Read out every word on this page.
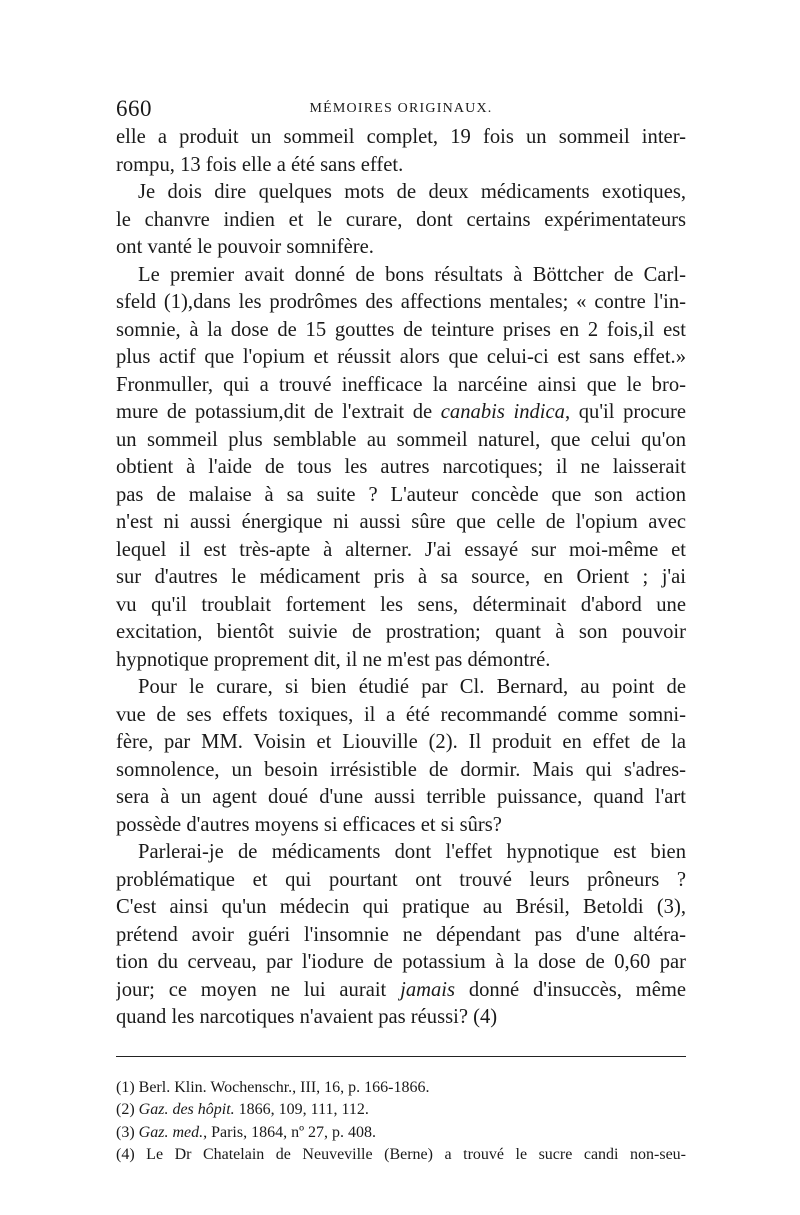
660	MÉMOIRES ORIGINAUX.
elle a produit un sommeil complet, 19 fois un sommeil inter-
rompu, 13 fois elle a été sans effet.
Je dois dire quelques mots de deux médicaments exotiques,
le chanvre indien et le curare, dont certains expérimentateurs
ont vanté le pouvoir somnifère.
Le premier avait donné de bons résultats à Böttcher de Carl-
sfeld (1),dans les prodrômes des affections mentales; « contre l'in-
somnie, à la dose de 15 gouttes de teinture prises en 2 fois,il est
plus actif que l'opium et réussit alors que celui-ci est sans effet.»
Fronmuller, qui a trouvé inefficace la narcéine ainsi que le bro-
mure de potassium,dit de l'extrait de canabis indica, qu'il procure
un sommeil plus semblable au sommeil naturel, que celui qu'on
obtient à l'aide de tous les autres narcotiques; il ne laisserait
pas de malaise à sa suite ? L'auteur concède que son action
n'est ni aussi énergique ni aussi sûre que celle de l'opium avec
lequel il est très-apte à alterner. J'ai essayé sur moi-même et
sur d'autres le médicament pris à sa source, en Orient ; j'ai
vu qu'il troublait fortement les sens, déterminait d'abord une
excitation, bientôt suivie de prostration; quant à son pouvoir
hypnotique proprement dit, il ne m'est pas démontré.
Pour le curare, si bien étudié par Cl. Bernard, au point de
vue de ses effets toxiques, il a été recommandé comme somni-
fère, par MM. Voisin et Liouville (2). Il produit en effet de la
somnolence, un besoin irrésistible de dormir. Mais qui s'adres-
sera à un agent doué d'une aussi terrible puissance, quand l'art
possède d'autres moyens si efficaces et si sûrs?
Parlerai-je de médicaments dont l'effet hypnotique est bien
problématique et qui pourtant ont trouvé leurs prôneurs ?
C'est ainsi qu'un médecin qui pratique au Brésil, Betoldi (3),
prétend avoir guéri l'insomnie ne dépendant pas d'une altéra-
tion du cerveau, par l'iodure de potassium à la dose de 0,60 par
jour; ce moyen ne lui aurait jamais donné d'insuccès, même
quand les narcotiques n'avaient pas réussi? (4)
(1) Berl. Klin. Wochenschr., III, 16, p. 166-1866.
(2) Gaz. des hôpit. 1866, 109, 111, 112.
(3) Gaz. med., Paris, 1864, nº 27, p. 408.
(4) Le Dr Chatelain de Neuveville (Berne) a trouvé le sucre candi non-seu-
